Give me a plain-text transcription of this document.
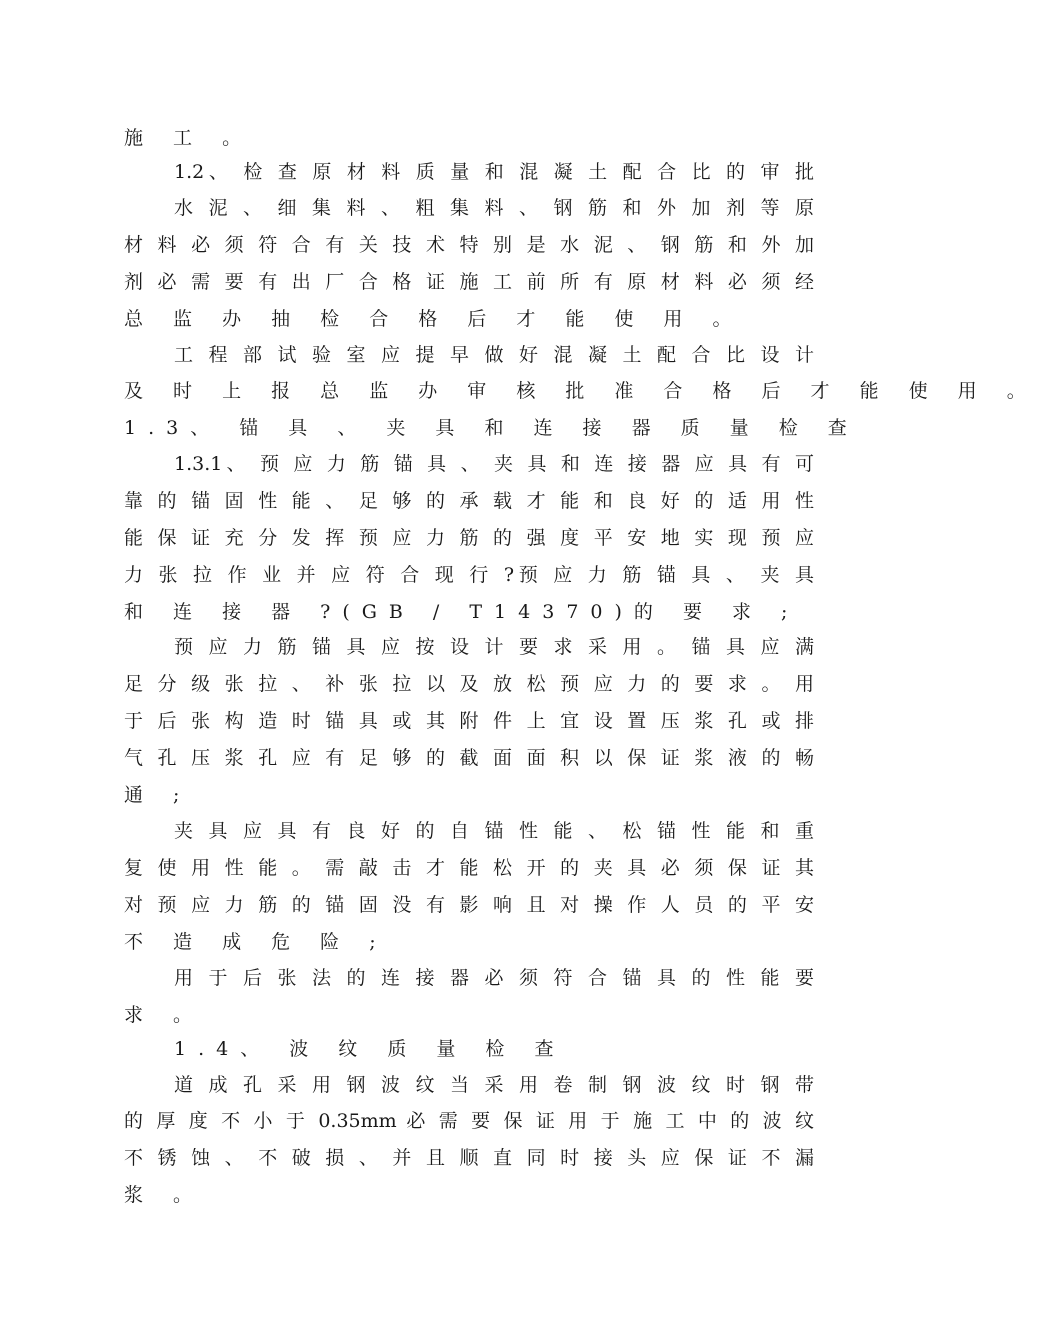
施 工 。
1.2、 检 查 原 材 料 质 量 和 混 凝 土 配 合 比 的 审 批
水 泥 、 细 集 料 、 粗 集 料 、 钢 筋 和 外 加 剂 等 原
材 料 必 须 符 合 有 关 技 术 特 别 是 水 泥 、 钢 筋 和 外 加
剂 必 需 要 有 出 厂 合 格 证 施 工 前 所 有 原 材 料 必 须 经
总 监 办 抽 检 合 格 后 才 能 使 用 。
工 程 部 试 验 室 应 提 早 做 好 混 凝 土 配 合 比 设 计
及 时 上 报 总 监 办 审 核 批 准 合 格 后 才 能 使 用 。
1.3、 锚 具 、 夹 具 和 连 接 器 质 量 检 查
1.3.1、 预 应 力 筋 锚 具 、 夹 具 和 连 接 器 应 具 有 可
靠 的 锚 固 性 能 、 足 够 的 承 载 才 能 和 良 好 的 适 用 性
能 保 证 充 分 发 挥 预 应 力 筋 的 强 度 平 安 地 实 现 预 应
力 张 拉 作 业 并 应 符 合 现 行 ?预 应 力 筋 锚 具 、 夹 具
和 连 接 器 ?(GB / T14370)的 要 求 ;
预 应 力 筋 锚 具 应 按 设 计 要 求 采 用 。 锚 具 应 满
足 分 级 张 拉 、 补 张 拉 以 及 放 松 预 应 力 的 要 求 。 用
于 后 张 构 造 时 锚 具 或 其 附 件 上 宜 设 置 压 浆 孔 或 排
气 孔 压 浆 孔 应 有 足 够 的 截 面 面 积 以 保 证 浆 液 的 畅
通 ;
夹 具 应 具 有 良 好 的 自 锚 性 能 、 松 锚 性 能 和 重
复 使 用 性 能 。 需 敲 击 才 能 松 开 的 夹 具 必 须 保 证 其
对 预 应 力 筋 的 锚 固 没 有 影 响 且 对 操 作 人 员 的 平 安
不 造 成 危 险 ;
用 于 后 张 法 的 连 接 器 必 须 符 合 锚 具 的 性 能 要
求 。
1.4、 波 纹 质 量 检 查
道 成 孔 采 用 钢 波 纹 当 采 用 卷 制 钢 波 纹 时 钢 带
的 厚 度 不 小 于 0.35mm 必 需 要 保 证 用 于 施 工 中 的 波 纹
不 锈 蚀 、 不 破 损 、 并 且 顺 直 同 时 接 头 应 保 证 不 漏
浆 。
